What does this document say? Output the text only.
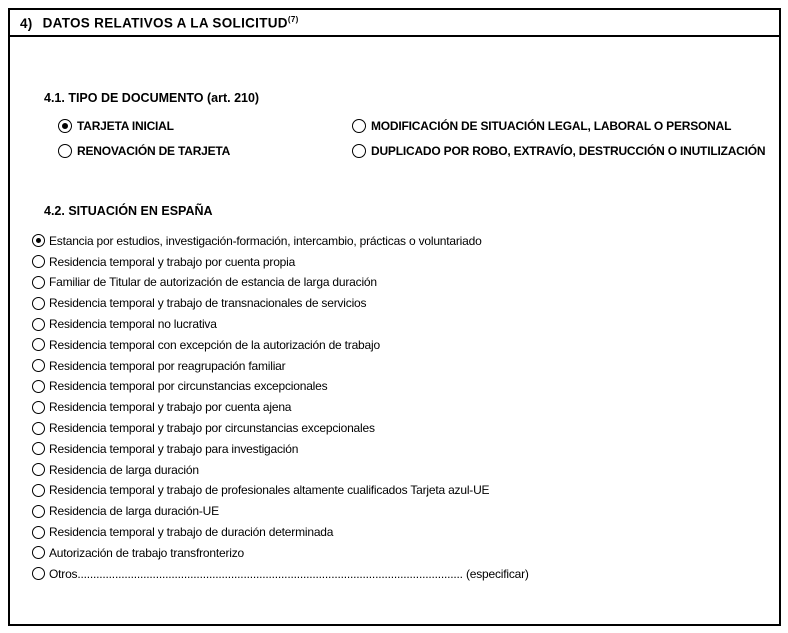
4) DATOS RELATIVOS A LA SOLICITUD$^{(7)}$
4.1. TIPO DE DOCUMENTO (art. 210)
TARJETA INICIAL	MODIFICACIÓN DE SITUACIÓN LEGAL, LABORAL O PERSONAL
RENOVACIÓN DE TARJETA	DUPLICADO POR ROBO, EXTRAVÍO, DESTRUCCIÓN O INUTILIZACIÓN
4.2. SITUACIÓN EN ESPAÑA
Estancia por estudios, investigación-formación, intercambio, prácticas o voluntariado
Residencia temporal y trabajo por cuenta propia
Familiar de Titular de autorización de estancia de larga duración
Residencia temporal y trabajo de transnacionales de servicios
Residencia temporal no lucrativa
Residencia temporal con excepción de la autorización de trabajo
Residencia temporal por reagrupación familiar
Residencia temporal por circunstancias excepcionales
Residencia temporal y trabajo por cuenta ajena
Residencia temporal y trabajo por circunstancias excepcionales
Residencia temporal y trabajo para investigación
Residencia de larga duración
Residencia temporal y trabajo de profesionales altamente cualificados Tarjeta azul-UE
Residencia de larga duración-UE
Residencia temporal y trabajo de duración determinada
Autorización de trabajo transfronterizo
Otros........................................................................................................................... (especificar)
